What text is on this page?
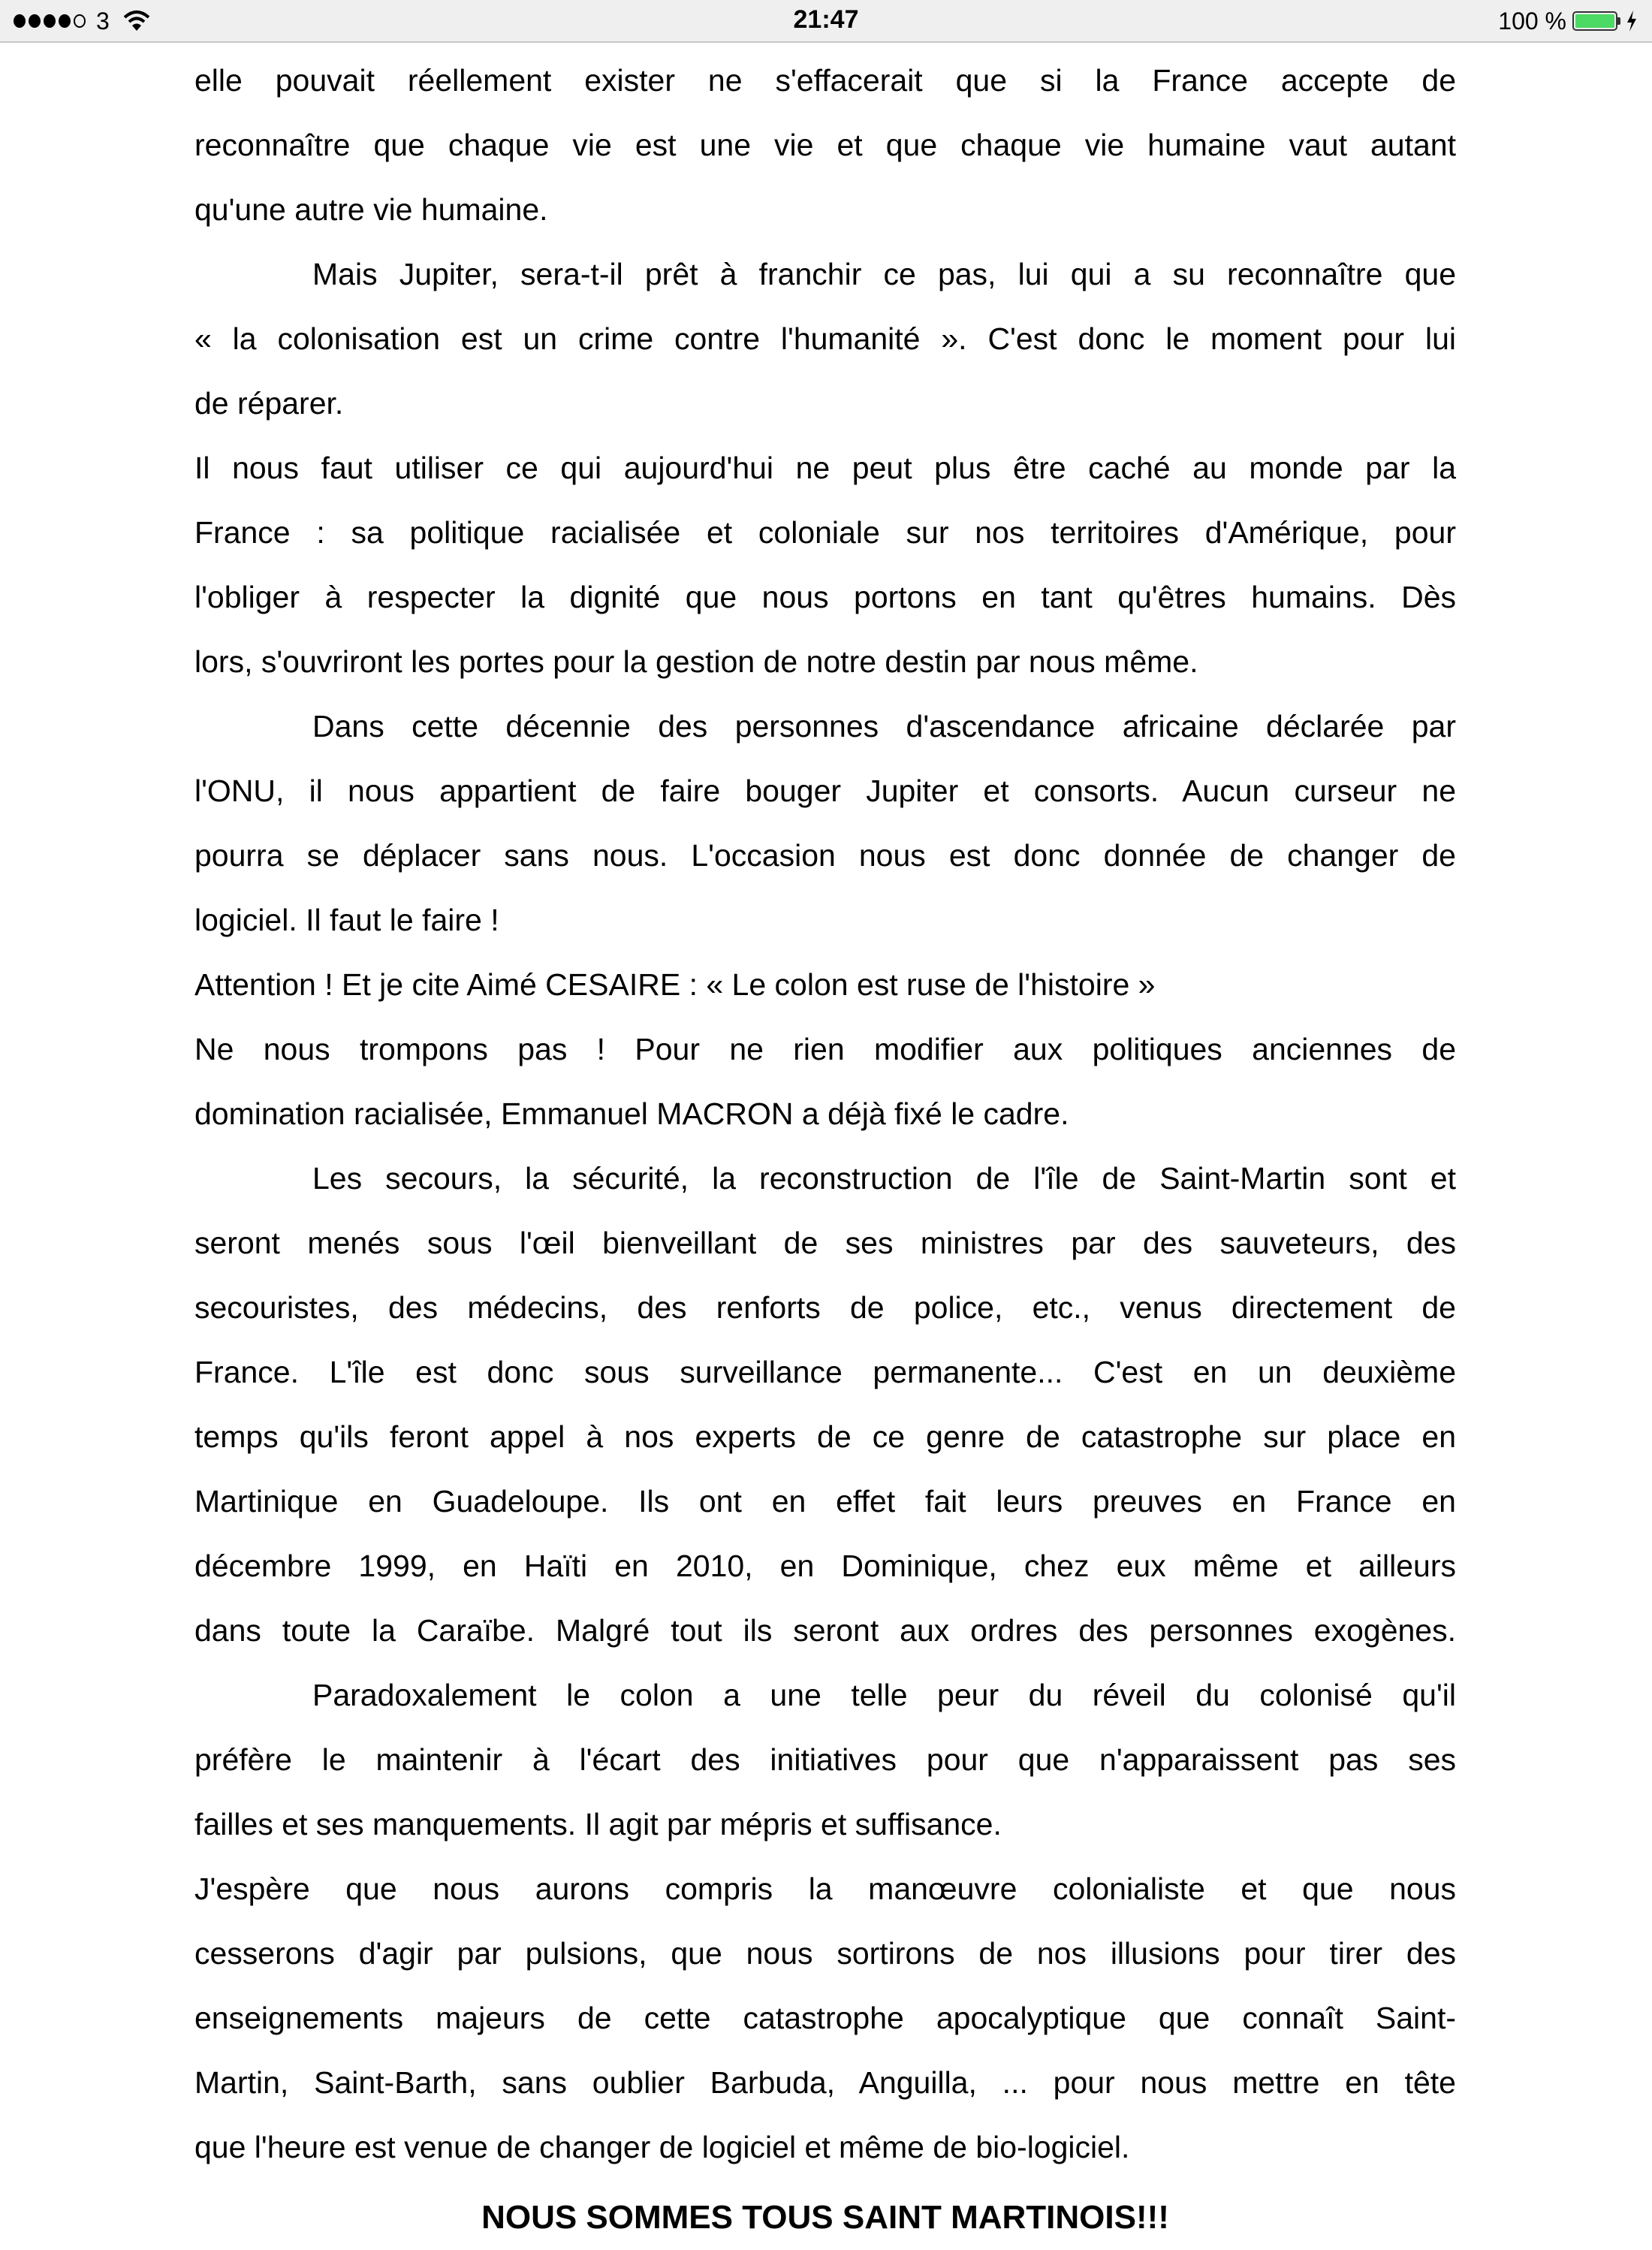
3	21:47	100 %
elle pouvait réellement exister ne s'effacerait que si la France accepte de
reconnaître que chaque vie est une vie et que chaque vie humaine vaut autant
qu'une autre vie humaine.
Mais Jupiter, sera-t-il prêt à franchir ce pas, lui qui a su reconnaître que
« la colonisation est un crime contre l'humanité ». C'est donc le moment pour lui
de réparer.
Il nous faut utiliser ce qui aujourd'hui ne peut plus être caché au monde par la
France : sa politique racialisée et coloniale sur nos territoires d'Amérique, pour
l'obliger à respecter la dignité que nous portons en tant qu'êtres humains. Dès
lors, s'ouvriront les portes pour la gestion de notre destin par nous même.
Dans cette décennie des personnes d'ascendance africaine déclarée par
l'ONU, il nous appartient de faire bouger Jupiter et consorts. Aucun curseur ne
pourra se déplacer sans nous. L'occasion nous est donc donnée de changer de
logiciel. Il faut le faire !
Attention ! Et je cite Aimé CESAIRE : « Le colon est ruse de l'histoire »
Ne nous trompons pas ! Pour ne rien modifier aux politiques anciennes de
domination racialisée, Emmanuel MACRON a déjà fixé le cadre.
Les secours, la sécurité, la reconstruction de l'île de Saint-Martin sont et
seront menés sous l'œil bienveillant de ses ministres par des sauveteurs, des
secouristes, des médecins, des renforts de police, etc., venus directement de
France. L'île est donc sous surveillance permanente... C'est en un deuxième
temps qu'ils feront appel à nos experts de ce genre de catastrophe sur place en
Martinique en Guadeloupe. Ils ont en effet fait leurs preuves en France en
décembre 1999, en Haïti en 2010, en Dominique, chez eux même et ailleurs
dans toute la Caraïbe. Malgré tout ils seront aux ordres des personnes exogènes.
Paradoxalement le colon a une telle peur du réveil du colonisé qu'il
préfère le maintenir à l'écart des initiatives pour que n'apparaissent pas ses
failles et ses manquements. Il agit par mépris et suffisance.
J'espère que nous aurons compris la manœuvre colonialiste et que nous
cesserons d'agir par pulsions, que nous sortirons de nos illusions pour tirer des
enseignements majeurs de cette catastrophe apocalyptique que connaît Saint-
Martin, Saint-Barth, sans oublier Barbuda, Anguilla, ... pour nous mettre en tête
que l'heure est venue de changer de logiciel et même de bio-logiciel.
NOUS SOMMES TOUS SAINT MARTINOIS!!!
